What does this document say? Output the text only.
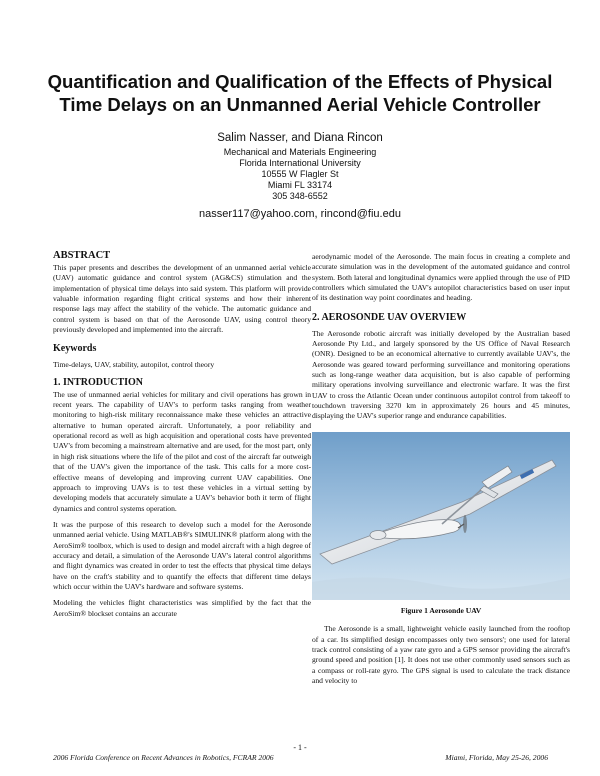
Quantification and Qualification of the Effects of Physical Time Delays on an Unmanned Aerial Vehicle Controller
Salim Nasser, and Diana Rincon
Mechanical and Materials Engineering
Florida International University
10555 W Flagler St
Miami FL 33174
305 348-6552
nasser117@yahoo.com, rincond@fiu.edu
ABSTRACT

This paper presents and describes the development of an unmanned aerial vehicle (UAV) automatic guidance and control system (AG&CS) stimulation and the implementation of physical time delays into said system. This platform will provide valuable information regarding flight critical systems and how their inherent response lags may affect the stability of the vehicle. The automatic guidance and control system is based on that of the Aerosonde UAV, using control theory previously developed and implemented into the aircraft.

Keywords

Time-delays, UAV, stability, autopilot, control theory

1. INTRODUCTION

The use of unmanned aerial vehicles for military and civil operations has grown in recent years. The capability of UAV's to perform tasks ranging from weather monitoring to high-risk military reconnaissance make these vehicles an attractive alternative to human operated aircraft. Unfortunately, a poor reliability and operational record as well as high acquisition and operational costs have prevented UAV's from becoming a mainstream alternative and are used, for the most part, only in high risk situations where the life of the pilot and cost of the aircraft far outweigh that of the UAV's given the importance of the task. This calls for a more cost-effective means of developing and improving current UAV capabilities. One approach to improving UAVs is to test these vehicles in a virtual setting by developing models that accurately simulate a UAV's behavior both it term of flight dynamics and control systems operation.

It was the purpose of this research to develop such a model for the Aerosonde unmanned aerial vehicle. Using MATLAB®'s SIMULINK® platform along with the AeroSim® toolbox, which is used to design and model aircraft with a high degree of accuracy and detail, a simulation of the Aerosonde UAV's lateral control algorithms and flight dynamics was created in order to test the effects that physical time delays have on the craft's stability and to quantify the effects that different time delays which occur within the UAV's hardware and software systems.

Modeling the vehicles flight characteristics was simplified by the fact that the AeroSim® blockset contains an accurate

aerodynamic model of the Aerosonde. The main focus in creating a complete and accurate simulation was in the development of the automated guidance and control system. Both lateral and longitudinal dynamics were applied through the use of PID controllers which simulated the UAV's autopilot characteristics based on user input of its destination way point coordinates and heading.

2. AEROSONDE UAV OVERVIEW

The Aerosonde robotic aircraft was initially developed by the Australian based Aerosonde Pty Ltd., and largely sponsored by the US Office of Naval Research (ONR). Designed to be an economical alternative to currently available UAV's, the Aerosonde was geared toward performing surveillance and monitoring operations such as long-range weather data acquisition, but is also capable of performing military operations involving surveillance and electronic warfare. It was the first UAV to cross the Atlantic Ocean under continuous autopilot control from takeoff to touchdown traversing 3270 km in approximately 26 hours and 45 minutes, displaying the UAV's superior range and endurance capabilities.

Figure 1 Aerosonde UAV

The Aerosonde is a small, lightweight vehicle easily launched from the rooftop of a car. Its simplified design encompasses only two sensors'; one used for lateral track control consisting of a yaw rate gyro and a GPS sensor providing the aircraft's ground speed and position [1]. It does not use other commonly used sensors such as a compass or roll-rate gyro. The GPS signal is used to calculate the track distance and velocity to

- 1 -
2006 Florida Conference on Recent Advances in Robotics, FCRAR 2006	Miami, Florida, May 25-26, 2006
